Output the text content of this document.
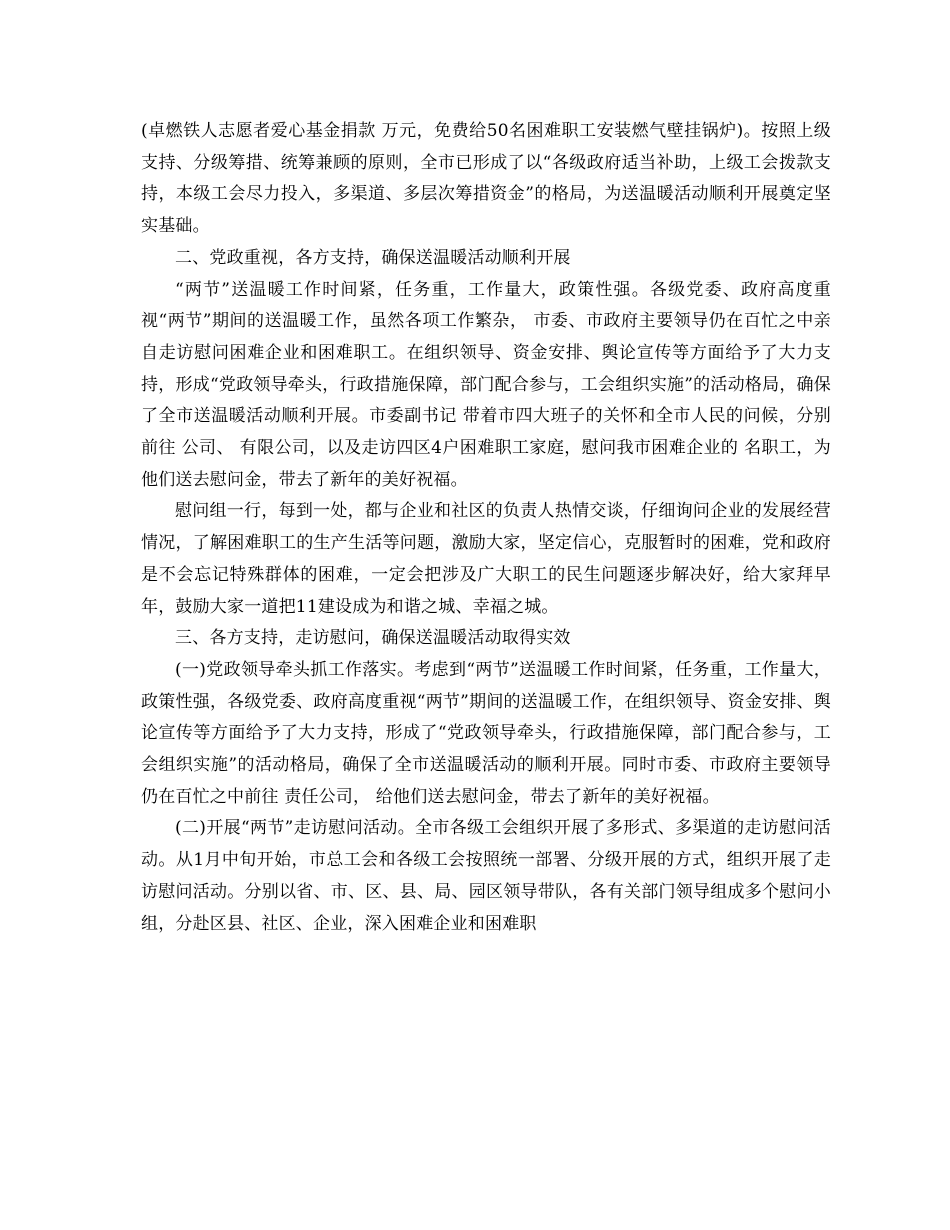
(卓燃铁人志愿者爱心基金捐款 万元，免费给50名困难职工安装燃气壁挂锅炉)。按照上级支持、分级筹措、统筹兼顾的原则，全市已形成了以“各级政府适当补助，上级工会拨款支持，本级工会尽力投入，多渠道、多层次筹措资金”的格局，为送温暖活动顺利开展奠定坚实基础。

二、党政重视，各方支持，确保送温暖活动顺利开展

“两节”送温暖工作时间紧，任务重，工作量大，政策性强。各级党委、政府高度重视“两节”期间的送温暖工作，虽然各项工作繁杂， 市委、市政府主要领导仍在百忙之中亲自走访慰问困难企业和困难职工。在组织领导、资金安排、舆论宣传等方面给予了大力支持，形成“党政领导牵头，行政措施保障，部门配合参与，工会组织实施”的活动格局，确保了全市送温暖活动顺利开展。市委副书记 带着市四大班子的关怀和全市人民的问候，分别前往 公司、 有限公司，以及走访四区4户困难职工家庭，慰问我市困难企业的 名职工，为他们送去慰问金，带去了新年的美好祝福。

慰问组一行，每到一处，都与企业和社区的负责人热情交谈，仔细询问企业的发展经营情况，了解困难职工的生产生活等问题，激励大家，坚定信心，克服暂时的困难，党和政府是不会忘记特殊群体的困难，一定会把涉及广大职工的民生问题逐步解决好，给大家拜早年，鼓励大家一道把11建设成为和谐之城、幸福之城。

三、各方支持，走访慰问，确保送温暖活动取得实效

(一)党政领导牵头抓工作落实。考虑到“两节”送温暖工作时间紧，任务重，工作量大，政策性强，各级党委、政府高度重视“两节”期间的送温暖工作，在组织领导、资金安排、舆论宣传等方面给予了大力支持，形成了“党政领导牵头，行政措施保障，部门配合参与，工会组织实施”的活动格局，确保了全市送温暖活动的顺利开展。同时市委、市政府主要领导仍在百忙之中前往 责任公司， 给他们送去慰问金，带去了新年的美好祝福。

(二)开展“两节”走访慰问活动。全市各级工会组织开展了多形式、多渠道的走访慰问活动。从1月中旬开始，市总工会和各级工会按照统一部署、分级开展的方式，组织开展了走访慰问活动。分别以省、市、区、县、局、园区领导带队，各有关部门领导组成多个慰问小组，分赴区县、社区、企业，深入困难企业和困难职
